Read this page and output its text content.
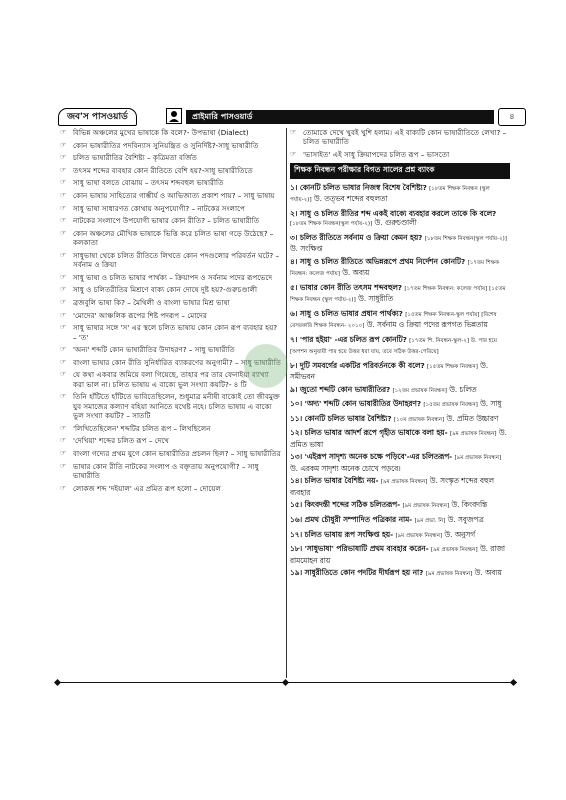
জব'স পাসওয়ার্ড	প্রাইমারি পাসওয়ার্ড	৪
☞ বিভিন্ন অঞ্চলের মুখের ভাষাকে কি বলে?- উপভাষা (Dialect)
☞ কোন ভাষারীতির পদবিন্যাস সুনিয়ন্ত্রিত ও সুনির্দিষ্ট?-সাধু ভাষারীতি
☞ চলিত ভাষারীতির বৈশিষ্ট্য – কৃত্রিমতা বর্জিত
☞ তৎসম শব্দের ব্যবহার কোন রীতিতে বেশি হয়?-সাধু ভাষারীতিতে
☞ সাধু ভাষা বলতে বোঝায় – তৎসম শব্দবহুল ভাষারীতি
☞ কোন ভাষায় সাহিত্যের গাম্ভীর্য ও আভিজাত্য প্রকাশ পায়? – সাধু ভাষায়
☞ সাধু ভাষা সাধারণত কোথায় অনুপযোগী? – নাটকের সংলাপে
☞ নাটকের সংলাপে উপযোগী ভাষার কোন রীতি? – চলিত ভাষারীতি
☞ কোন অঞ্চলের মৌখিক ভাষাকে ভিত্তি করে চলিত ভাষা গড়ে উঠেছে? – কলকাতা
☞ সাধুভাষা থেকে চলিত রীতিতে লিখতে কোন পদগুলোর পরিবর্তন ঘটে? – সর্বনাম ও ক্রিয়া
☞ সাধু ভাষা ও চলিত ভাষার পার্থক্য – ক্রিয়াপদ ও সর্বনাম পদের রূপভেদে
☞ সাধু ও চলিতরীতির মিশ্রণে বাক্য কোন দোষে দুষ্ট হয়?-গুরুচণ্ডালী
☞ ব্রজবুলি ভাষা কি? – মৈথিলী ও বাংলা ভাষার মিশ্র ভাষা
☞ 'মোদের' আঞ্চলিক রূপের শিষ্ট পদরূপ – মোদের
☞ সাধু ভাষার সঙ্গে 'স' এর স্থলে চলিত ভাষায় কোন কোন রূপ ব্যবহার হয়? – 'ত'
☞ 'অন্য' শব্দটি কোন ভাষারীতির উদাহরণ? – সাধু ভাষারীতি
☞ বাংলা ভাষার কোন রীতি সুনির্ধারিত ব্যাকরণের অনুগামী? – সাধু ভাষারীতি
☞ যে কথা একবার জমিয়ে বলা গিয়েছে, তাহার পর তার ফেনাইয়া ব্যাখ্যা করা ভাল না। চলিত ভাষায় এ বাক্যে ভুল সংখ্যা কয়টি?- ৪ টি
☞ তিনি হাঁটিতে হাঁটিতে ভাবিতেছিলেন, শুধুমাত্র মনীষী বাক্যেই তো জীবমুক্ত যুব সমাজের কল্যাণ বহিয়া আনিতে যথেষ্ট নহে। চলিত ভাষায় এ বাক্যে ভুল সংখ্যা কয়টি? – সাতটি
☞ 'লিখিতেছিলেন' শব্দটির চলিত রূপ – লিখছিলেন
☞ 'দেখিয়া' শব্দের চলিত রূপ – দেখে
☞ বাংলা গদ্যের প্রথম যুগে কোন ভাষারীতির প্রচলন ছিল? – সাধু ভাষারীতির
☞ ভাষার কোন রীতি নাটকের সংলাপ ও বক্তৃতায় অনুপযোগী? – সাধু ভাষারীতি
☞ লোকজ শব্দ 'দইয়াল' এর প্রমিত রূপ হলো – দোয়েল
☞ তোমাকে দেখে খুবই খুশি হলাম। এই বাক্যটি কোন ভাষারীতিতে লেখা? – চলিত ভাষারীতি
☞ 'ভাসাইত' এই সাধু ক্রিয়াপদের চলিত রূপ – ভাসতো
শিক্ষক নিবন্ধন পরীক্ষার বিগত সালের প্রশ্ন ব্যাংক
১। কোনটি চলিত ভাষার নিজস্ব বিশেষ বৈশিষ্ট্য? [১৮তম শিক্ষক নিবন্ধন (স্কুল পর্যায়-২)] উ. তত্ভব শব্দের বহুলতা
২। সাধু ও চলিত রীতির শব্দ একই বাক্যে ব্যবহার করলে তাকে কি বলে? [১৮তম শিক্ষক নিবন্ধন(স্কুল পর্যায়-২)] উ. গুরুচণ্ডালী
৩। চলিত রীতিতে সর্বনাম ও ক্রিয়া কেমন হয়? [১৮তম শিক্ষক নিবন্ধন(স্কুল পর্যায়-২)] উ. সংক্ষিপ্ত
৪। সাধু ও চলিত রীতিতে অভিন্নরূপে প্রথম নির্দেশন কোনটি? [১৭তম শিক্ষক নিবন্ধন: কলেজ পর্যায়] উ. অব্যয়
৫। ভাষার কোন রীতি তৎসম শব্দবহুল? [১৭তম শিক্ষক নিবন্ধন: কলেজ পর্যায়] [১৫তম শিক্ষক নিবন্ধন (স্কুল পর্যায়-২)] উ. সাধুরীতি
৬। সাধু ও চলিত ভাষার প্রধান পার্থক্য? [১৫তম শিক্ষক নিবন্ধন-স্কুল পর্যায়] [বিশেষ বেসরকারি শিক্ষক নিবন্ধন- ২০১০] উ. সর্বনাম ও ক্রিয়া পদের রূপগত ভিন্নতায়
৭। 'পার হইয়া' -এর চলিত রূপ কোনটি? [১৭তম শি. নিবন্ধন-স্কুল-২] উ. পার হয়ে [অপশন অনুযায়ী পার হয়ে উত্তর ধরা যায়, তবে সঠিক উত্তর-পেরিয়ে]
৮। দুটি সমবর্গের একটির পরিবর্তনকে কী বলে? [১৫তম শিক্ষক নিবন্ধন] উ. সমীভবন
৯। জুতো শব্দটি কোন ভাষারীতির? [১২তম প্রভাষক নিবন্ধন] উ. চলিত
১০। 'অদ্য' শব্দটি কোন ভাষারীতির উদাহরণ? [১৫তম প্রভাষক নিবন্ধন] উ. সাধু
১১। কোনটি চলিত ভাষার বৈশিষ্ট্য? [১০ম প্রভাষক নিবন্ধন] উ. প্রমিত উচ্চারণ
১২। চলিত ভাষার আদর্শ রূপে গৃহীত ভাষাকে বলা হয়- [৯ম প্রভাষক নিবন্ধন] উ. প্রমিত ভাষা
১৩। 'এইরূপ সাদৃশ্য অনেক চক্ষে পড়িবে'-এর চলিতরূপ- [৯ম প্রভাষক নিবন্ধন] উ. এরকম সাদৃশ্য অনেক চোখে পড়বে।
১৪। চলিত ভাষার বৈশিষ্ট্য নয়- [৯ম প্রভাষক নিবন্ধন] উ. সংস্কৃত শব্দের বহুল ব্যবহার
১৫। কিংবদন্তী শব্দের সঠিক চলিতরূপ- [৯ম প্রভাষক নিবন্ধন] উ. কিংবদন্তি
১৬। প্রমথ চৌধুরী সম্পাদিত পত্রিকার নাম- [৯ম প্রভা. নি] উ. সবুজপত্র
১৭। চলিত ভাষায় রূপ সংক্ষিপ্ত হয়- [৯ম প্রভাষক নিবন্ধন] উ. অনুসর্গ
১৮। 'সাধুভাষা' পরিভাষাটি প্রথম ব্যবহার করেন- [৯ম প্রভাষক নিবন্ধন] উ. রাজা রামমোহন রায়
১৯। সাধুরীতিতে কোন পদটির দীর্ঘরূপ হয় না? [৯ম প্রভাষক নিবন্ধন] উ. অব্যয়
